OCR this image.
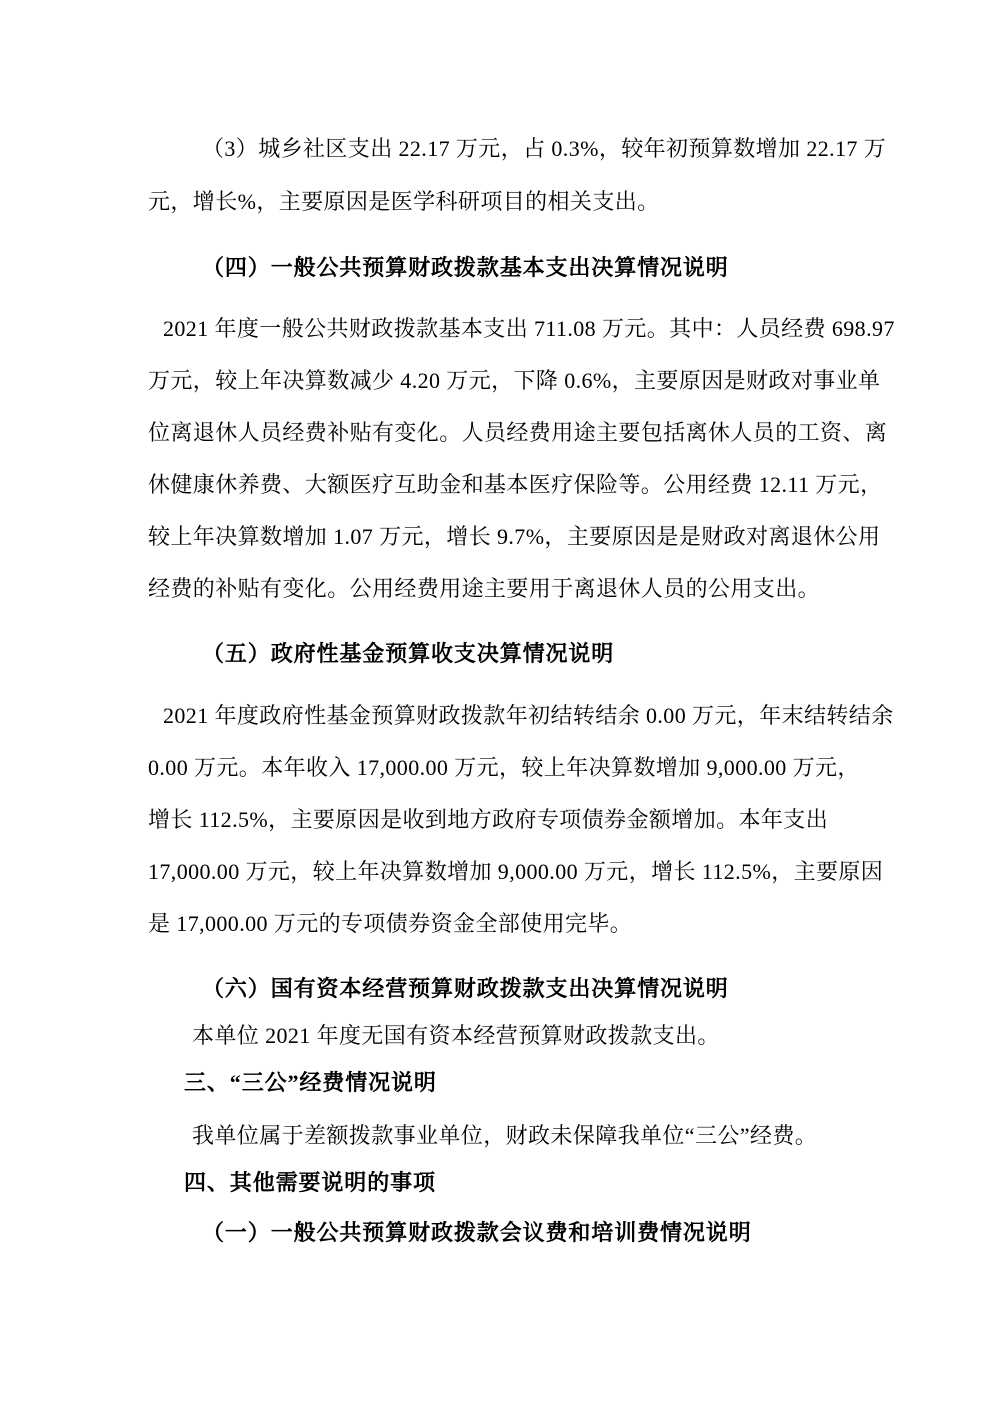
（3）城乡社区支出 22.17 万元，占 0.3%，较年初预算数增加 22.17 万
元，增长%，主要原因是医学科研项目的相关支出。
（四）一般公共预算财政拨款基本支出决算情况说明
2021 年度一般公共财政拨款基本支出 711.08 万元。其中：人员经费 698.97
万元，较上年决算数减少 4.20 万元，下降 0.6%，主要原因是财政对事业单
位离退休人员经费补贴有变化。人员经费用途主要包括离休人员的工资、离
休健康休养费、大额医疗互助金和基本医疗保险等。公用经费 12.11 万元，
较上年决算数增加 1.07 万元，增长 9.7%，主要原因是是财政对离退休公用
经费的补贴有变化。公用经费用途主要用于离退休人员的公用支出。
（五）政府性基金预算收支决算情况说明
2021 年度政府性基金预算财政拨款年初结转结余 0.00 万元，年末结转结余
0.00 万元。本年收入 17,000.00 万元，较上年决算数增加 9,000.00 万元，
增长 112.5%，主要原因是收到地方政府专项债券金额增加。本年支出
17,000.00 万元，较上年决算数增加 9,000.00 万元，增长 112.5%，主要原因
是 17,000.00 万元的专项债券资金全部使用完毕。
（六）国有资本经营预算财政拨款支出决算情况说明
本单位 2021 年度无国有资本经营预算财政拨款支出。
三、“三公”经费情况说明
我单位属于差额拨款事业单位，财政未保障我单位“三公”经费。
四、其他需要说明的事项
（一）一般公共预算财政拨款会议费和培训费情况说明
